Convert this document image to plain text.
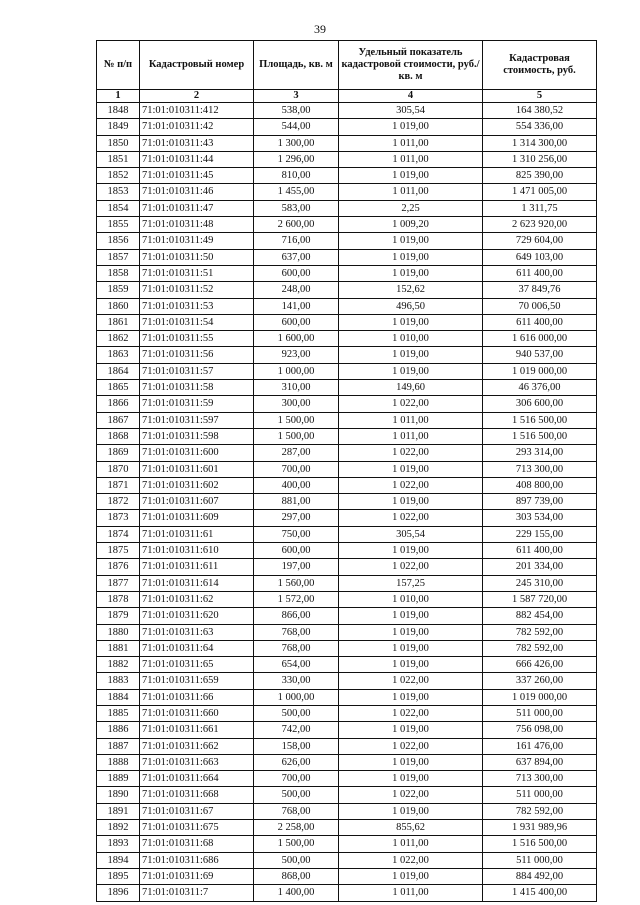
39
№ п/п	Кадастровый номер	Площадь, кв. м	Удельный показатель кадастровой стоимости, руб./кв. м	Кадастровая стоимость, руб.
1	2	3	4	5
1848	71:01:010311:412	538,00	305,54	164 380,52
1849	71:01:010311:42	544,00	1 019,00	554 336,00
1850	71:01:010311:43	1 300,00	1 011,00	1 314 300,00
1851	71:01:010311:44	1 296,00	1 011,00	1 310 256,00
1852	71:01:010311:45	810,00	1 019,00	825 390,00
1853	71:01:010311:46	1 455,00	1 011,00	1 471 005,00
1854	71:01:010311:47	583,00	2,25	1 311,75
1855	71:01:010311:48	2 600,00	1 009,20	2 623 920,00
1856	71:01:010311:49	716,00	1 019,00	729 604,00
1857	71:01:010311:50	637,00	1 019,00	649 103,00
1858	71:01:010311:51	600,00	1 019,00	611 400,00
1859	71:01:010311:52	248,00	152,62	37 849,76
1860	71:01:010311:53	141,00	496,50	70 006,50
1861	71:01:010311:54	600,00	1 019,00	611 400,00
1862	71:01:010311:55	1 600,00	1 010,00	1 616 000,00
1863	71:01:010311:56	923,00	1 019,00	940 537,00
1864	71:01:010311:57	1 000,00	1 019,00	1 019 000,00
1865	71:01:010311:58	310,00	149,60	46 376,00
1866	71:01:010311:59	300,00	1 022,00	306 600,00
1867	71:01:010311:597	1 500,00	1 011,00	1 516 500,00
1868	71:01:010311:598	1 500,00	1 011,00	1 516 500,00
1869	71:01:010311:600	287,00	1 022,00	293 314,00
1870	71:01:010311:601	700,00	1 019,00	713 300,00
1871	71:01:010311:602	400,00	1 022,00	408 800,00
1872	71:01:010311:607	881,00	1 019,00	897 739,00
1873	71:01:010311:609	297,00	1 022,00	303 534,00
1874	71:01:010311:61	750,00	305,54	229 155,00
1875	71:01:010311:610	600,00	1 019,00	611 400,00
1876	71:01:010311:611	197,00	1 022,00	201 334,00
1877	71:01:010311:614	1 560,00	157,25	245 310,00
1878	71:01:010311:62	1 572,00	1 010,00	1 587 720,00
1879	71:01:010311:620	866,00	1 019,00	882 454,00
1880	71:01:010311:63	768,00	1 019,00	782 592,00
1881	71:01:010311:64	768,00	1 019,00	782 592,00
1882	71:01:010311:65	654,00	1 019,00	666 426,00
1883	71:01:010311:659	330,00	1 022,00	337 260,00
1884	71:01:010311:66	1 000,00	1 019,00	1 019 000,00
1885	71:01:010311:660	500,00	1 022,00	511 000,00
1886	71:01:010311:661	742,00	1 019,00	756 098,00
1887	71:01:010311:662	158,00	1 022,00	161 476,00
1888	71:01:010311:663	626,00	1 019,00	637 894,00
1889	71:01:010311:664	700,00	1 019,00	713 300,00
1890	71:01:010311:668	500,00	1 022,00	511 000,00
1891	71:01:010311:67	768,00	1 019,00	782 592,00
1892	71:01:010311:675	2 258,00	855,62	1 931 989,96
1893	71:01:010311:68	1 500,00	1 011,00	1 516 500,00
1894	71:01:010311:686	500,00	1 022,00	511 000,00
1895	71:01:010311:69	868,00	1 019,00	884 492,00
1896	71:01:010311:7	1 400,00	1 011,00	1 415 400,00
